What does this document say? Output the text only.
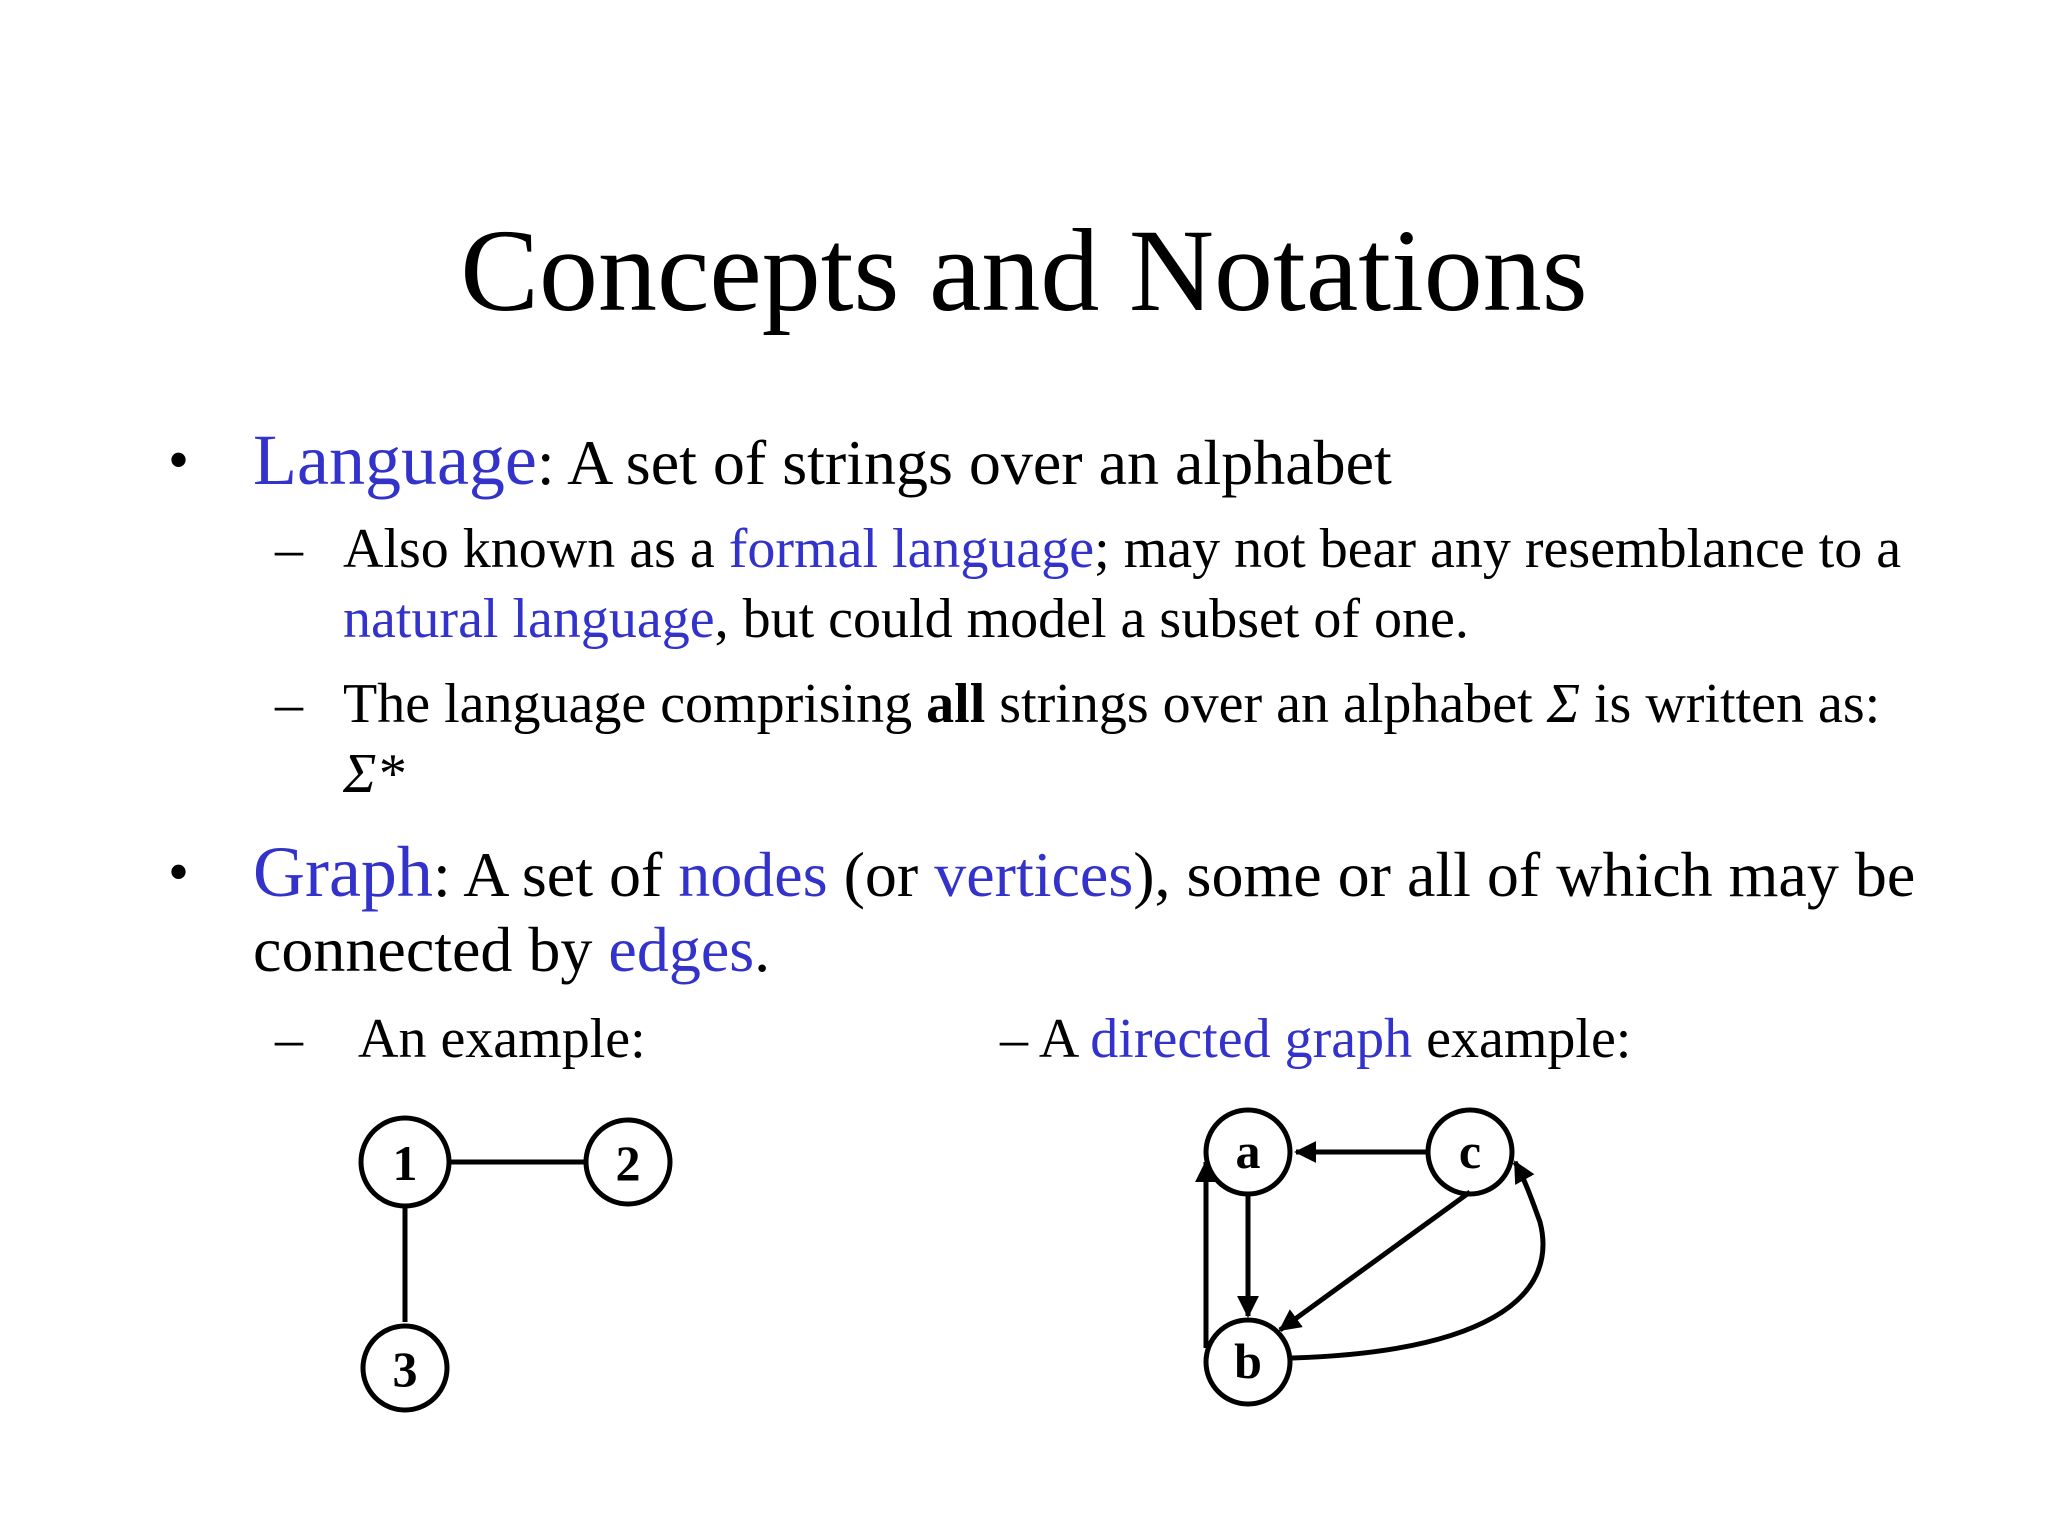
Concepts and Notations
• Language: A set of strings over an alphabet
– Also known as a formal language; may not bear any resemblance to a
natural language, but could model a subset of one.
– The language comprising all strings over an alphabet Σ is written as:
Σ*
• Graph: A set of nodes (or vertices), some or all of which may be
connected by edges.
– An example:	– A directed graph example:
1	2
3
a
b
c
